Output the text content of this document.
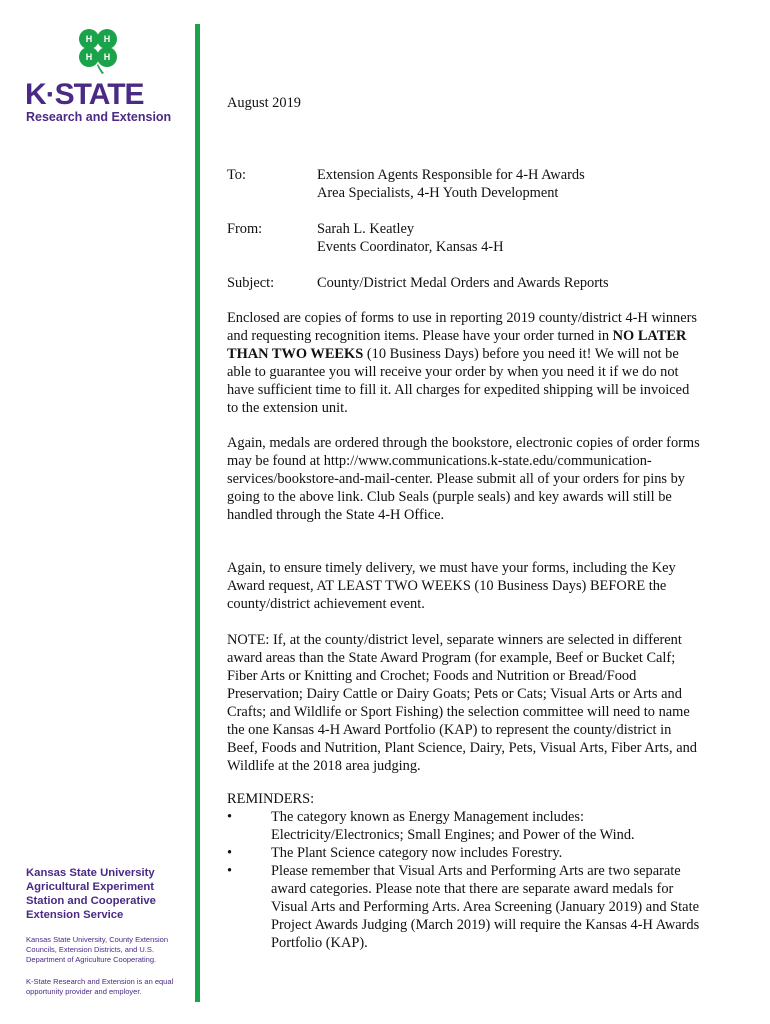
H H
H H
K·STATE
Research and Extension
Kansas State University Agricultural Experiment Station and Cooperative Extension Service
Kansas State University, County Extension Councils, Extension Districts, and U.S. Department of Agriculture Cooperating.
K-State Research and Extension is an equal opportunity provider and employer.
August 2019
To:	Extension Agents Responsible for 4-H Awards
Area Specialists, 4-H Youth Development
From:	Sarah L. Keatley
Events Coordinator, Kansas 4-H
Subject:	County/District Medal Orders and Awards Reports

Enclosed are copies of forms to use in reporting 2019 county/district 4-H winners and requesting recognition items. Please have your order turned in NO LATER THAN TWO WEEKS (10 Business Days) before you need it! We will not be able to guarantee you will receive your order by when you need it if we do not have sufficient time to fill it. All charges for expedited shipping will be invoiced to the extension unit.

Again, medals are ordered through the bookstore, electronic copies of order forms may be found at http://www.communications.k-state.edu/communication-services/bookstore-and-mail-center. Please submit all of your orders for pins by going to the above link. Club Seals (purple seals) and key awards will still be handled through the State 4-H Office.

Again, to ensure timely delivery, we must have your forms, including the Key Award request, AT LEAST TWO WEEKS (10 Business Days) BEFORE the county/district achievement event.

NOTE: If, at the county/district level, separate winners are selected in different award areas than the State Award Program (for example, Beef or Bucket Calf; Fiber Arts or Knitting and Crochet; Foods and Nutrition or Bread/Food Preservation; Dairy Cattle or Dairy Goats; Pets or Cats; Visual Arts or Arts and Crafts; and Wildlife or Sport Fishing) the selection committee will need to name the one Kansas 4-H Award Portfolio (KAP) to represent the county/district in Beef, Foods and Nutrition, Plant Science, Dairy, Pets, Visual Arts, Fiber Arts, and Wildlife at the 2018 area judging.

REMINDERS:
•	The category known as Energy Management includes: Electricity/Electronics; Small Engines; and Power of the Wind.
•	The Plant Science category now includes Forestry.
•	Please remember that Visual Arts and Performing Arts are two separate award categories. Please note that there are separate award medals for Visual Arts and Performing Arts. Area Screening (January 2019) and State Project Awards Judging (March 2019) will require the Kansas 4-H Awards Portfolio (KAP).
